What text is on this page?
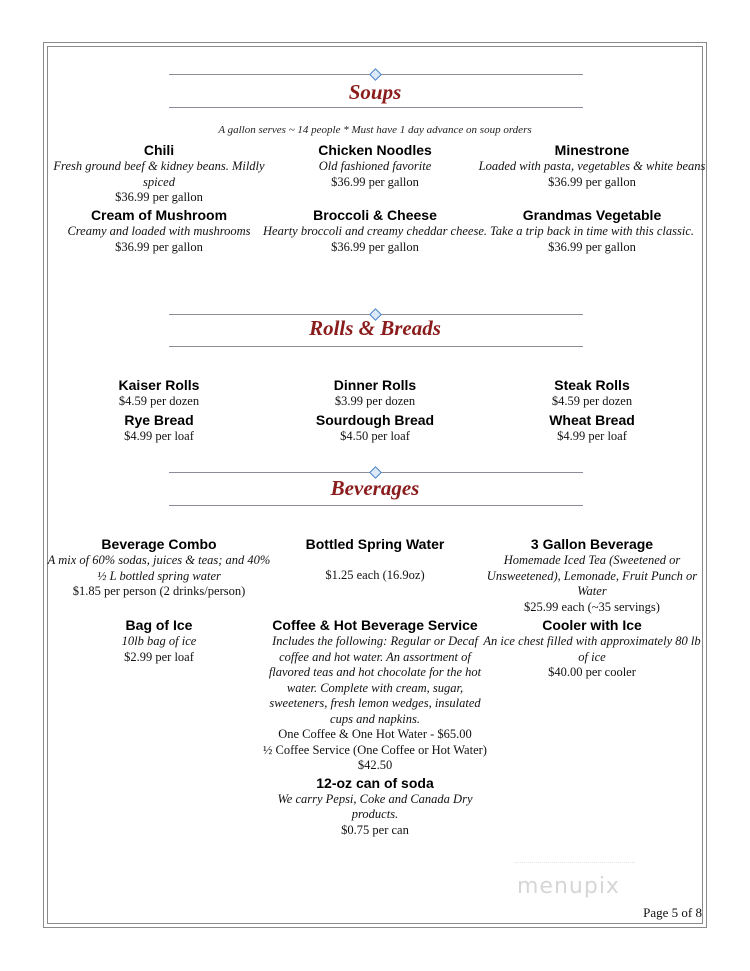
Soups

A gallon serves ~ 14 people * Must have 1 day advance on soup orders

Chili
Fresh ground beef & kidney beans. Mildly spiced
$36.99 per gallon
Chicken Noodles
Old fashioned favorite
$36.99 per gallon
Minestrone
Loaded with pasta, vegetables & white beans
$36.99 per gallon
Cream of Mushroom
Creamy and loaded with mushrooms
$36.99 per gallon
Broccoli & Cheese
Hearty broccoli and creamy cheddar cheese.
$36.99 per gallon
Grandmas Vegetable
Take a trip back in time with this classic.
$36.99 per gallon
Rolls & Breads
Kaiser Rolls
$4.59 per dozen
Dinner Rolls
$3.99 per dozen
Steak Rolls
$4.59 per dozen
Rye Bread
$4.99 per loaf
Sourdough Bread
$4.50 per loaf
Wheat Bread
$4.99 per loaf
Beverages
Beverage Combo
A mix of 60% sodas, juices & teas; and 40% ½ L bottled spring water
$1.85 per person (2 drinks/person)
Bottled Spring Water
$1.25 each (16.9oz)
3 Gallon Beverage
Homemade Iced Tea (Sweetened or Unsweetened), Lemonade, Fruit Punch or Water
$25.99 each (~35 servings)
Bag of Ice
10lb bag of ice
$2.99 per loaf
Coffee & Hot Beverage Service
Includes the following: Regular or Decaf coffee and hot water. An assortment of flavored teas and hot chocolate for the hot water. Complete with cream, sugar, sweeteners, fresh lemon wedges, insulated cups and napkins.
One Coffee & One Hot Water - $65.00
½ Coffee Service (One Coffee or Hot Water) $42.50
12-oz can of soda
We carry Pepsi, Coke and Canada Dry products.
$0.75 per can
Cooler with Ice
An ice chest filled with approximately 80 lb of ice
$40.00 per cooler
menupix
Page 5 of 8
